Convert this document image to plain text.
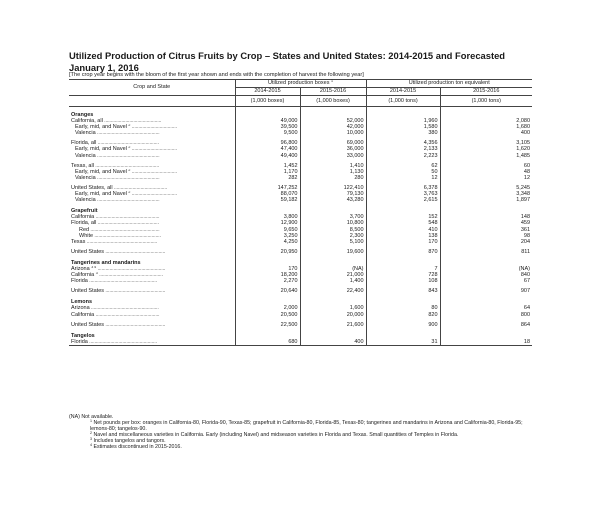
Utilized Production of Citrus Fruits by Crop – States and United States: 2014-2015 and Forecasted January 1, 2016
[The crop year begins with the bloom of the first year shown and ends with the completion of harvest the following year]
Crop and State	Utilized production boxes $^1$		Utilized production ton equivalent	
	2014-2015	2015-2016	2014-2015	2015-2016
	(1,000 boxes)	(1,000 boxes)	(1,000 tons)	(1,000 tons)

Oranges				
California, all ...........................................	49,000	52,000	1,960	2,080
Early, mid, and Navel $^2$ ..................................	39,500	42,000	1,580	1,680
Valencia ...............................................	9,500	10,000	380	400

Florida, all ..............................................	96,800	69,000	4,356	3,105
Early, mid, and Navel $^2$ ..................................	47,400	36,000	2,133	1,620
Valencia ...............................................	49,400	33,000	2,223	1,485

Texas, all ................................................	1,452	1,410	62	60
Early, mid, and Navel $^2$ ..................................	1,170	1,130	50	48
Valencia ...............................................	282	280	12	12

United States, all ........................................	147,252	122,410	6,378	5,245
Early, mid, and Navel $^2$ ..................................	88,070	79,130	3,763	3,348
Valencia ...............................................	59,182	43,280	2,615	1,897

Grapefruit				
California ................................................	3,800	3,700	152	148
Florida, all ..............................................	12,900	10,800	548	459
Red ....................................................	9,650	8,500	410	361
White ..................................................	3,250	2,300	138	98
Texas .....................................................	4,250	5,100	170	204

United States .............................................	20,950	19,600	870	811

Tangerines and mandarins				
Arizona $^{3 4}$ ...................................................	170	(NA)	7	(NA)
California $^3$ ................................................	18,200	21,000	728	840
Florida ...................................................	2,270	1,400	108	67

United States .............................................	20,640	22,400	843	907

Lemons				
Arizona ...................................................	2,000	1,600	80	64
California ................................................	20,500	20,000	820	800

United States .............................................	22,500	21,600	900	864

Tangelos				
Florida ...................................................	680	400	31	18
(NA) Not available.
$^1$ Net pounds per box: oranges in California-80, Florida-90, Texas-85; grapefruit in California-80, Florida-85, Texas-80; tangerines and mandarins in Arizona and California-80, Florida-95; lemons-80; tangelos-90.
$^2$ Navel and miscellaneous varieties in California. Early (including Navel) and midseason varieties in Florida and Texas. Small quantities of Temples in Florida.
$^3$ Includes tangelos and tangors.
$^4$ Estimates discontinued in 2015-2016.
